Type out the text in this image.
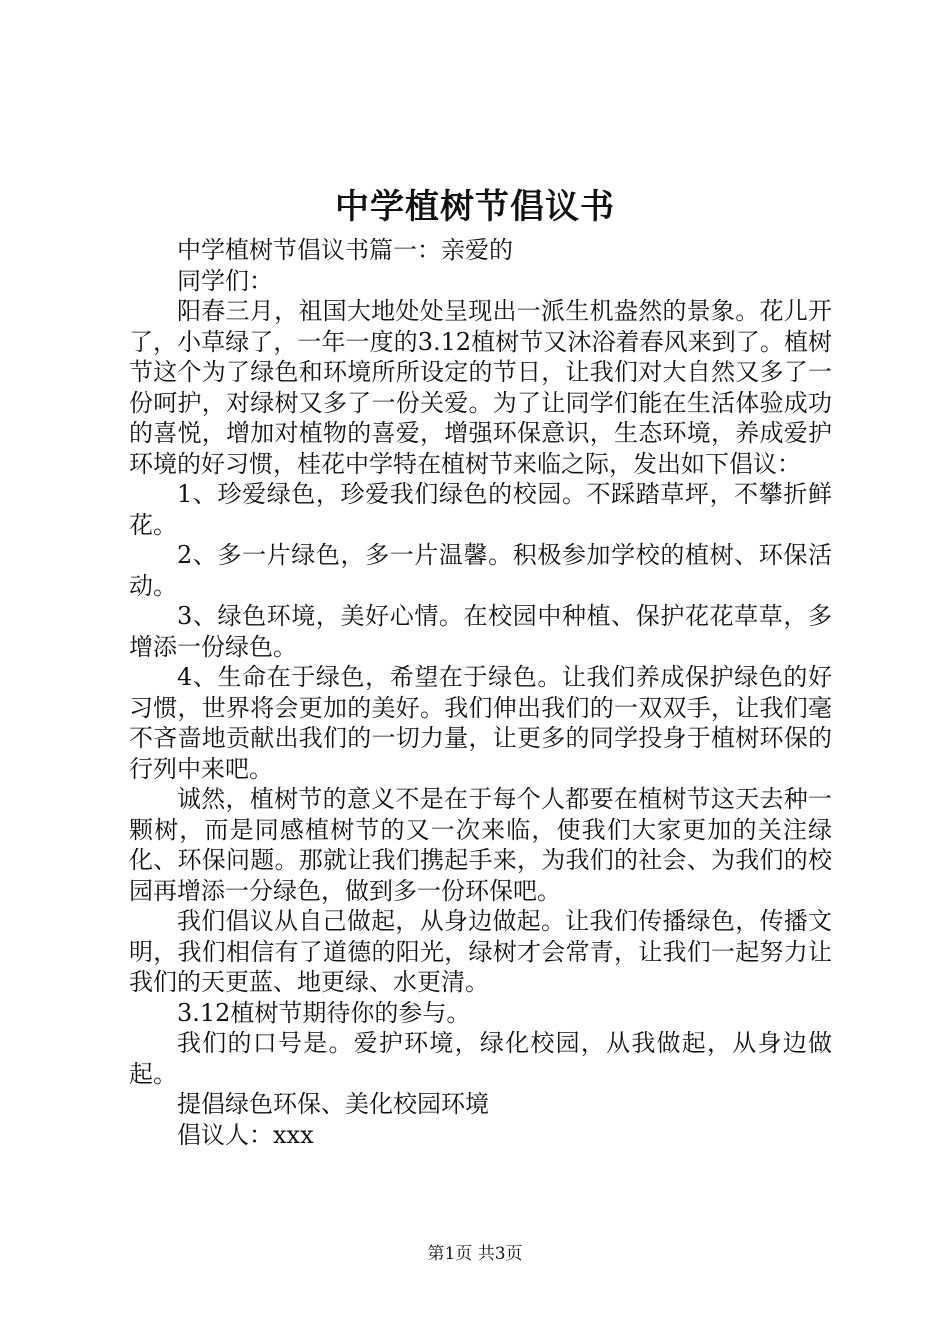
中学植树节倡议书

中学植树节倡议书篇一：亲爱的

同学们：

阳春三月，祖国大地处处呈现出一派生机盎然的景象。花儿开了，小草绿了，一年一度的3.12植树节又沐浴着春风来到了。植树节这个为了绿色和环境所所设定的节日，让我们对大自然又多了一份呵护，对绿树又多了一份关爱。为了让同学们能在生活体验成功的喜悦，增加对植物的喜爱，增强环保意识，生态环境，养成爱护环境的好习惯，桂花中学特在植树节来临之际，发出如下倡议：

1、珍爱绿色，珍爱我们绿色的校园。不踩踏草坪，不攀折鲜花。

2、多一片绿色，多一片温馨。积极参加学校的植树、环保活动。

3、绿色环境，美好心情。在校园中种植、保护花花草草，多增添一份绿色。

4、生命在于绿色，希望在于绿色。让我们养成保护绿色的好习惯，世界将会更加的美好。我们伸出我们的一双双手，让我们毫不吝啬地贡献出我们的一切力量，让更多的同学投身于植树环保的行列中来吧。

诚然，植树节的意义不是在于每个人都要在植树节这天去种一颗树，而是同感植树节的又一次来临，使我们大家更加的关注绿化、环保问题。那就让我们携起手来，为我们的社会、为我们的校园再增添一分绿色，做到多一份环保吧。

我们倡议从自己做起，从身边做起。让我们传播绿色，传播文明，我们相信有了道德的阳光，绿树才会常青，让我们一起努力让我们的天更蓝、地更绿、水更清。

3.12植树节期待你的参与。

我们的口号是。爱护环境，绿化校园，从我做起，从身边做起。

提倡绿色环保、美化校园环境

倡议人：xxx

第1页 共3页
